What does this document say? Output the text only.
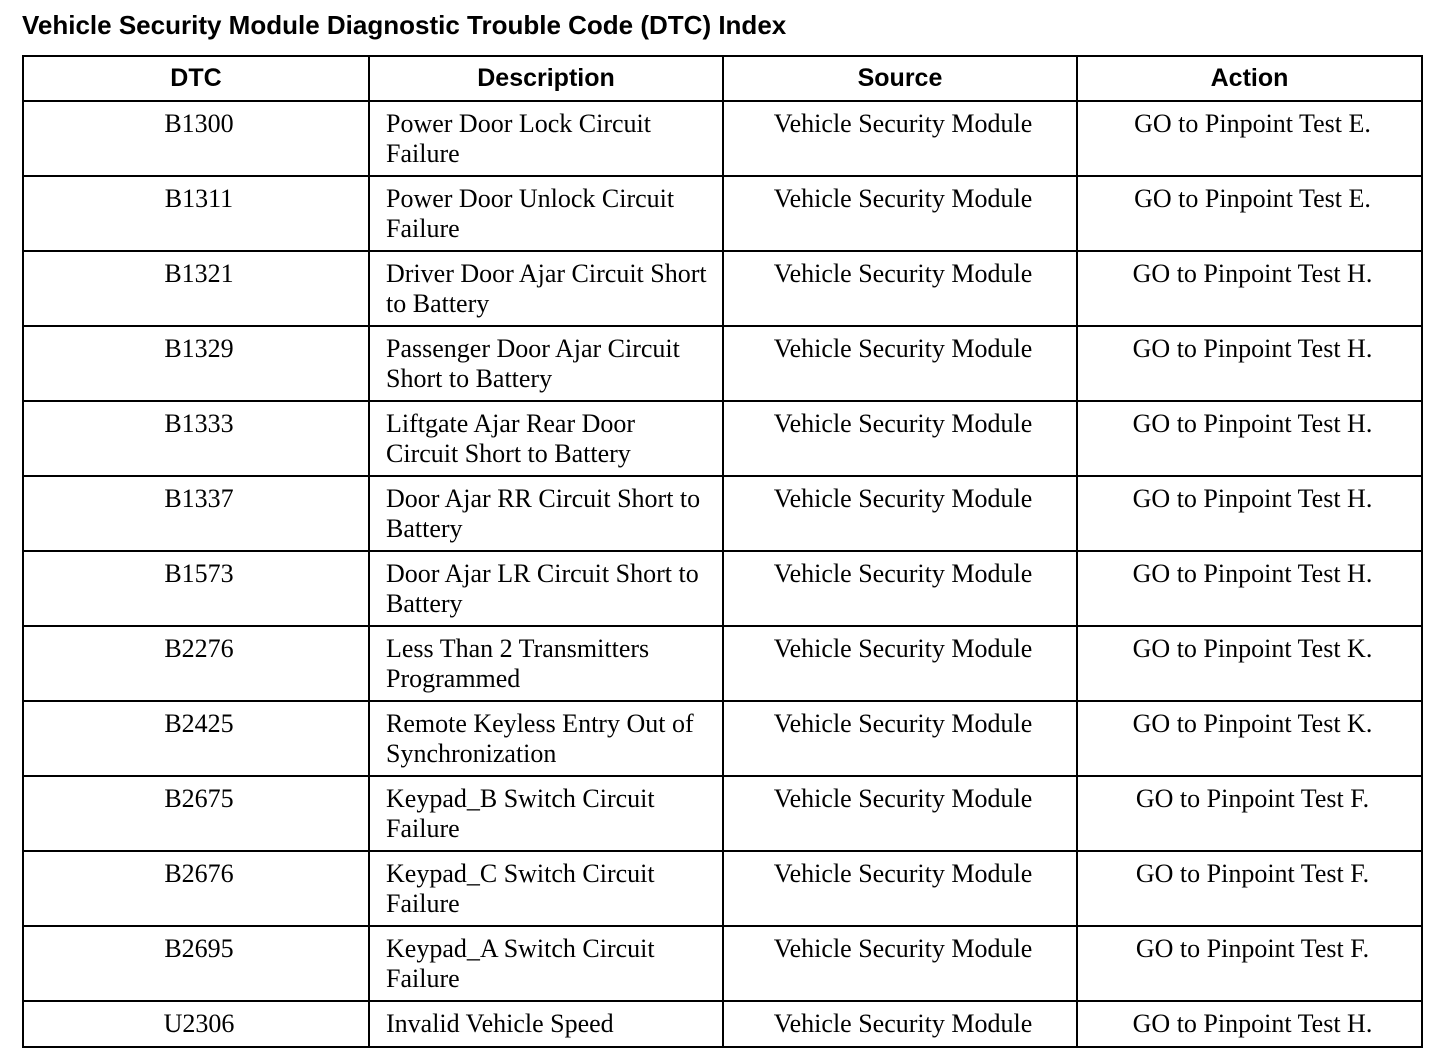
Vehicle Security Module Diagnostic Trouble Code (DTC) Index
DTC	Description	Source	Action
B1300	Power Door Lock Circuit Failure	Vehicle Security Module	GO to Pinpoint Test E.
B1311	Power Door Unlock Circuit Failure	Vehicle Security Module	GO to Pinpoint Test E.
B1321	Driver Door Ajar Circuit Short to Battery	Vehicle Security Module	GO to Pinpoint Test H.
B1329	Passenger Door Ajar Circuit Short to Battery	Vehicle Security Module	GO to Pinpoint Test H.
B1333	Liftgate Ajar Rear Door Circuit Short to Battery	Vehicle Security Module	GO to Pinpoint Test H.
B1337	Door Ajar RR Circuit Short to Battery	Vehicle Security Module	GO to Pinpoint Test H.
B1573	Door Ajar LR Circuit Short to Battery	Vehicle Security Module	GO to Pinpoint Test H.
B2276	Less Than 2 Transmitters Programmed	Vehicle Security Module	GO to Pinpoint Test K.
B2425	Remote Keyless Entry Out of Synchronization	Vehicle Security Module	GO to Pinpoint Test K.
B2675	Keypad_B Switch Circuit Failure	Vehicle Security Module	GO to Pinpoint Test F.
B2676	Keypad_C Switch Circuit Failure	Vehicle Security Module	GO to Pinpoint Test F.
B2695	Keypad_A Switch Circuit Failure	Vehicle Security Module	GO to Pinpoint Test F.
U2306	Invalid Vehicle Speed	Vehicle Security Module	GO to Pinpoint Test H.
